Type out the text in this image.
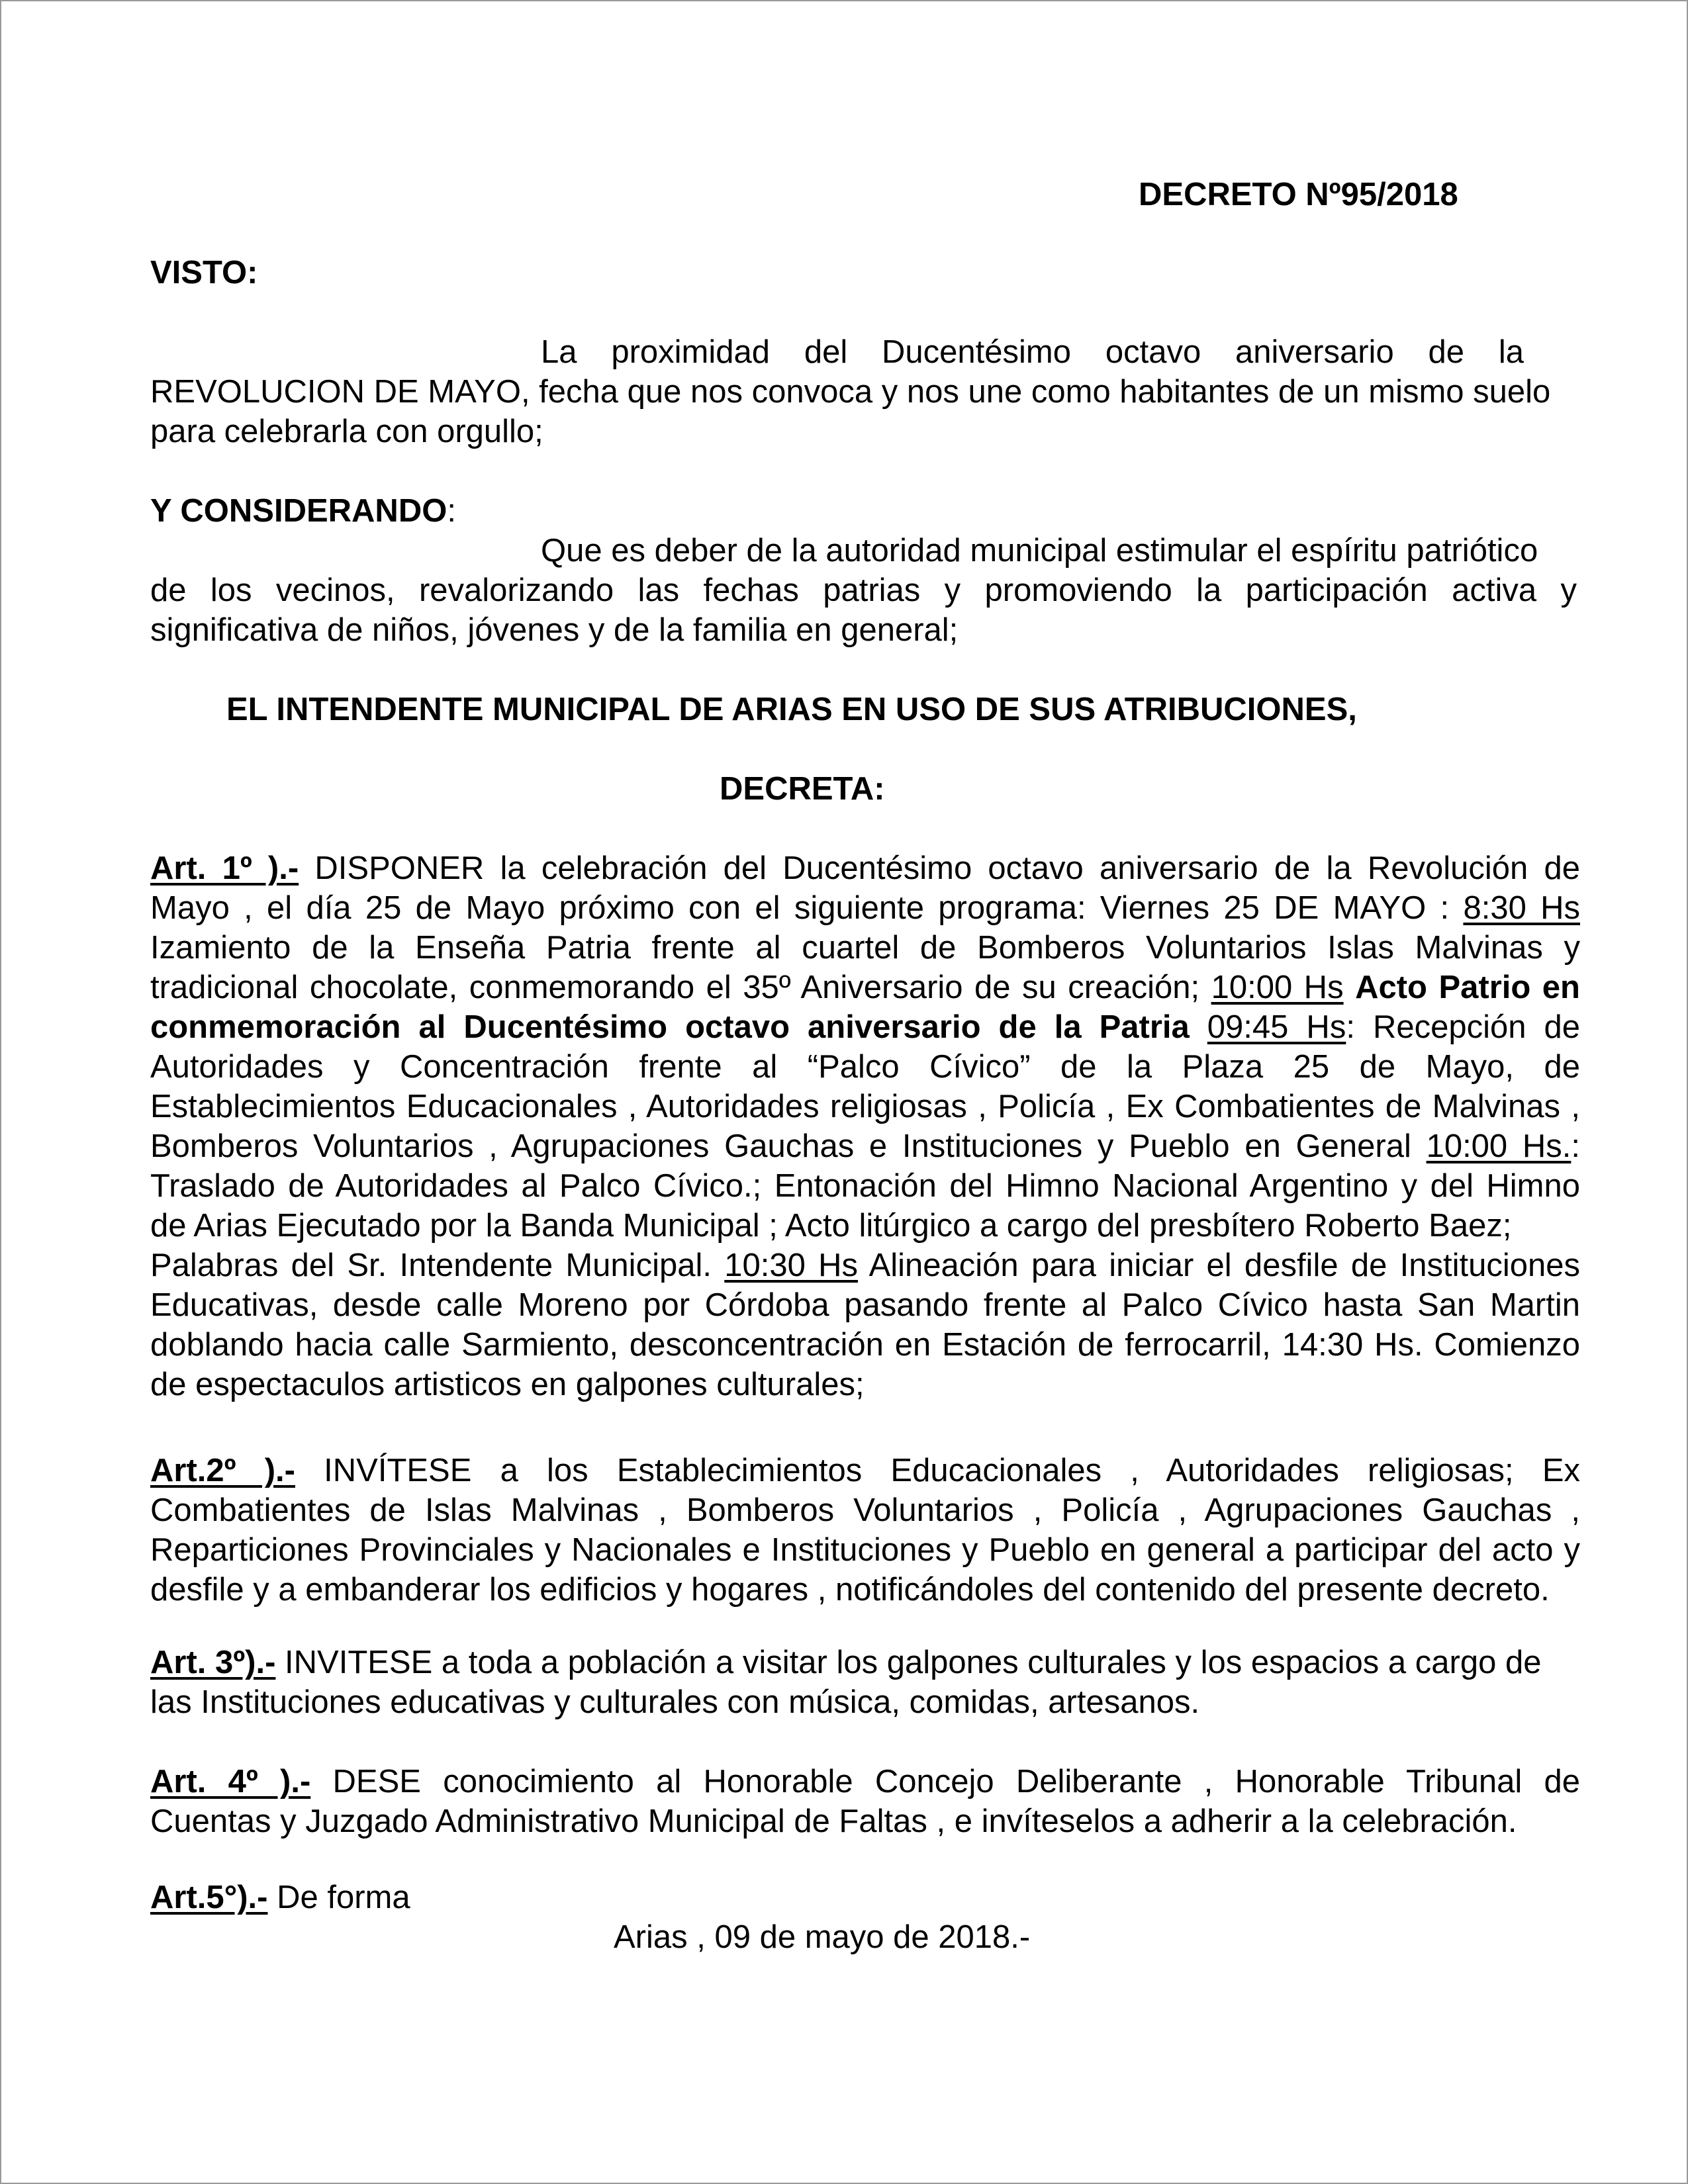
DECRETO Nº95/2018
VISTO:
La proximidad del Ducentésimo octavo aniversario de la
REVOLUCION DE MAYO, fecha que nos convoca y nos une como habitantes de un mismo suelo
para celebrarla con orgullo;
Y CONSIDERANDO:
Que es deber de la autoridad municipal estimular el espíritu patriótico
de los vecinos, revalorizando las fechas patrias y promoviendo la participación activa y
significativa de niños, jóvenes y de la familia en general;
EL INTENDENTE MUNICIPAL DE ARIAS EN USO DE SUS ATRIBUCIONES,
DECRETA:
Art. 1º ).- DISPONER la celebración del Ducentésimo octavo aniversario de la Revolución de
Mayo , el día 25 de Mayo próximo con el siguiente programa: Viernes 25 DE MAYO : 8:30 Hs
Izamiento de la Enseña Patria frente al cuartel de Bomberos Voluntarios Islas Malvinas y
tradicional chocolate, conmemorando el 35º Aniversario de su creación; 10:00 Hs Acto Patrio en
conmemoración al Ducentésimo octavo aniversario de la Patria 09:45 Hs: Recepción de
Autoridades y Concentración frente al “Palco Cívico” de la Plaza 25 de Mayo, de
Establecimientos Educacionales , Autoridades religiosas , Policía , Ex Combatientes de Malvinas ,
Bomberos Voluntarios , Agrupaciones Gauchas e Instituciones y Pueblo en General 10:00 Hs.:
Traslado de Autoridades al Palco Cívico.; Entonación del Himno Nacional Argentino y del Himno
de Arias Ejecutado por la Banda Municipal ; Acto litúrgico a cargo del presbítero Roberto Baez;
Palabras del Sr. Intendente Municipal. 10:30 Hs Alineación para iniciar el desfile de Instituciones
Educativas, desde calle Moreno por Córdoba pasando frente al Palco Cívico hasta San Martin
doblando hacia calle Sarmiento, desconcentración en Estación de ferrocarril, 14:30 Hs. Comienzo
de espectaculos artisticos en galpones culturales;
Art.2º ).- INVÍTESE a los Establecimientos Educacionales , Autoridades religiosas; Ex
Combatientes de Islas Malvinas , Bomberos Voluntarios , Policía , Agrupaciones Gauchas ,
Reparticiones Provinciales y Nacionales e Instituciones y Pueblo en general a participar del acto y
desfile y a embanderar los edificios y hogares , notificándoles del contenido del presente decreto.
Art. 3º).- INVITESE a toda a población a visitar los galpones culturales y los espacios a cargo de
las Instituciones educativas y culturales con música, comidas, artesanos.
Art. 4º ).- DESE conocimiento al Honorable Concejo Deliberante , Honorable Tribunal de
Cuentas y Juzgado Administrativo Municipal de Faltas , e invíteselos a adherir a la celebración.
Art.5°).- De forma
Arias , 09 de mayo de 2018.-
